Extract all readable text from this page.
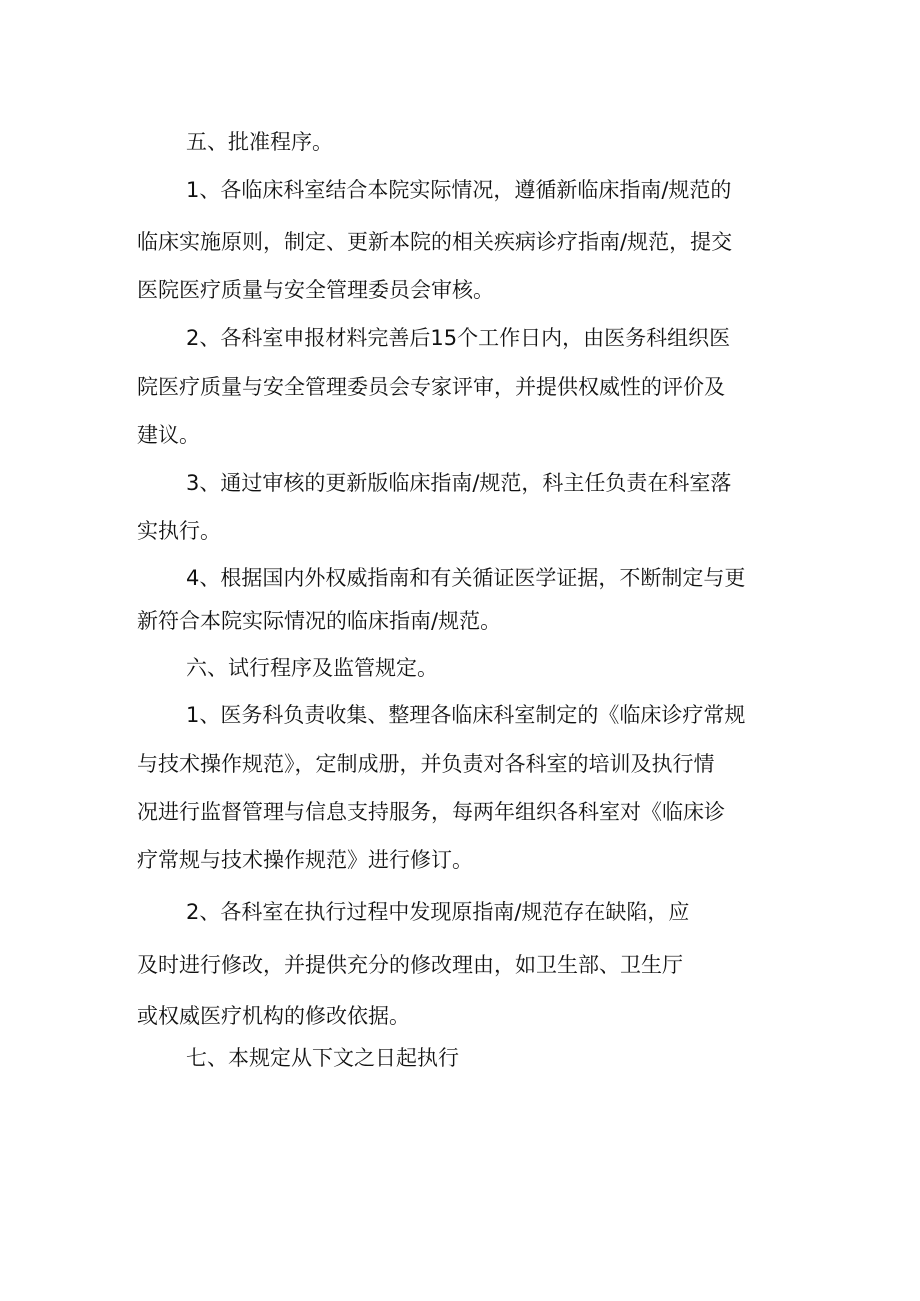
五、批准程序。
1、各临床科室结合本院实际情况，遵循新临床指南/规范的
临床实施原则，制定、更新本院的相关疾病诊疗指南/规范，提交
医院医疗质量与安全管理委员会审核。
2、各科室申报材料完善后15个工作日内，由医务科组织医
院医疗质量与安全管理委员会专家评审，并提供权威性的评价及
建议。
3、通过审核的更新版临床指南/规范，科主任负责在科室落
实执行。
4、根据国内外权威指南和有关循证医学证据，不断制定与更
新符合本院实际情况的临床指南/规范。
六、试行程序及监管规定。
1、医务科负责收集、整理各临床科室制定的《临床诊疗常规
与技术操作规范》，定制成册，并负责对各科室的培训及执行情
况进行监督管理与信息支持服务，每两年组织各科室对《临床诊
疗常规与技术操作规范》进行修订。
2、各科室在执行过程中发现原指南/规范存在缺陷，应
及时进行修改，并提供充分的修改理由，如卫生部、卫生厅
或权威医疗机构的修改依据。
七、本规定从下文之日起执行
